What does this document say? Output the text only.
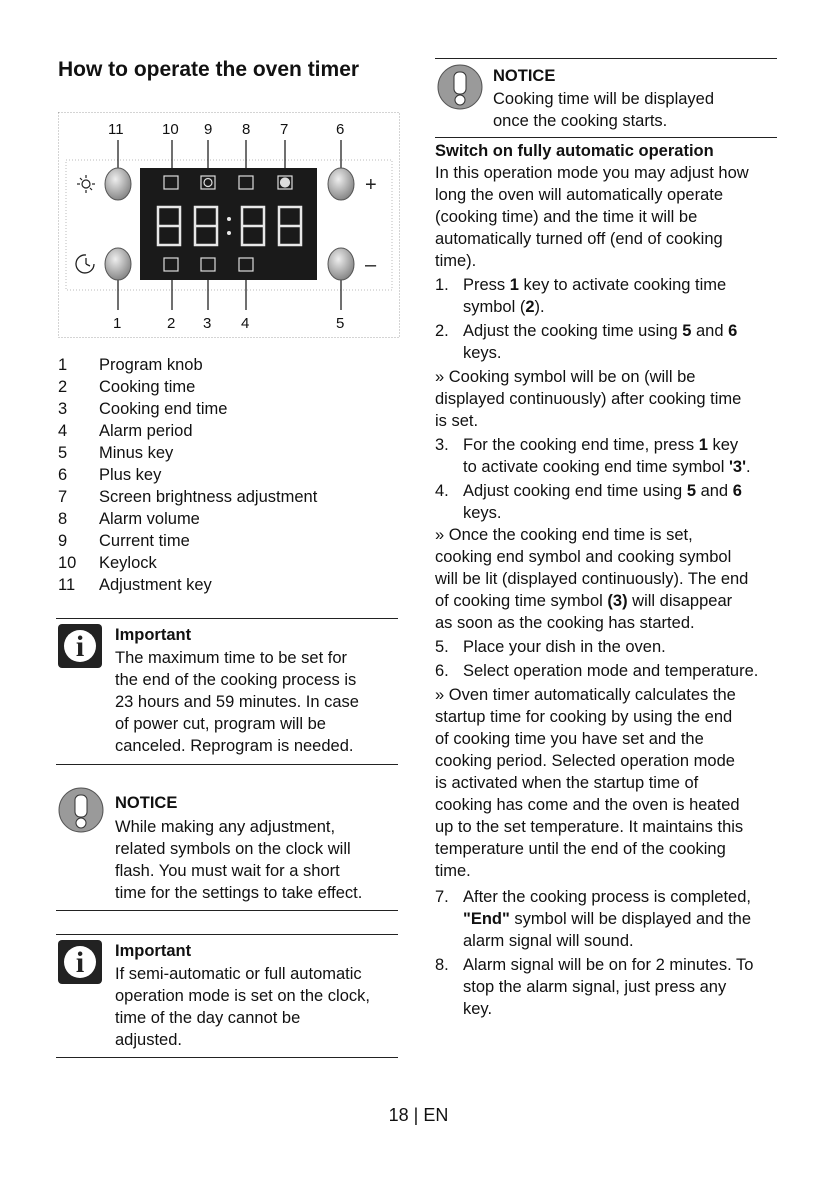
How to operate the oven timer
11	10 9 8 7	6
+
–
1	2 3 4	5
1	Program knob
2	Cooking time
3	Cooking end time
4	Alarm period
5	Minus key
6	Plus key
7	Screen brightness adjustment
8	Alarm volume
9	Current time
10	Keylock
11	Adjustment key
i	Important
The maximum time to be set for
the end of the cooking process is
23 hours and 59 minutes. In case
of power cut, program will be
canceled. Reprogram is needed.
NOTICE
While making any adjustment,
related symbols on the clock will
flash. You must wait for a short
time for the settings to take effect.
i	Important
If semi-automatic or full automatic
operation mode is set on the clock,
time of the day cannot be
adjusted.
NOTICE
Cooking time will be displayed
once the cooking starts.

Switch on fully automatic operation

In this operation mode you may adjust how
long the oven will automatically operate
(cooking time) and the time it will be
automatically turned off (end of cooking
time).
1. Press 1 key to activate cooking time
symbol (2).
2. Adjust the cooking time using 5 and 6
keys.
» Cooking symbol will be on (will be
displayed continuously) after cooking time
is set.
3. For the cooking end time, press 1 key
to activate cooking end time symbol '3'.
4. Adjust cooking end time using 5 and 6
keys.
» Once the cooking end time is set,
cooking end symbol and cooking symbol
will be lit (displayed continuously). The end
of cooking time symbol (3) will disappear
as soon as the cooking has started.
5. Place your dish in the oven.
6. Select operation mode and temperature.
» Oven timer automatically calculates the
startup time for cooking by using the end
of cooking time you have set and the
cooking period. Selected operation mode
is activated when the startup time of
cooking has come and the oven is heated
up to the set temperature. It maintains this
temperature until the end of the cooking
time.
7. After the cooking process is completed,
"End" symbol will be displayed and the
alarm signal will sound.
8. Alarm signal will be on for 2 minutes. To
stop the alarm signal, just press any
key.
18 | EN
